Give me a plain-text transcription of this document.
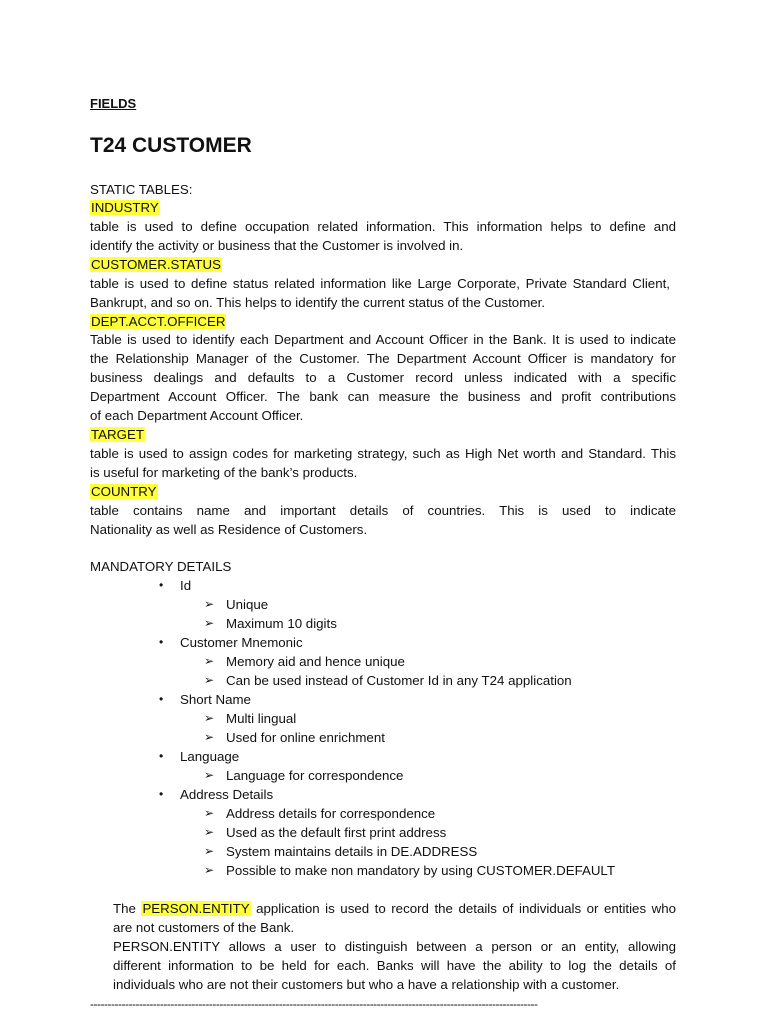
FIELDS
T24 CUSTOMER
STATIC TABLES:
INDUSTRY
table is used to define occupation related information. This information helps to define and
identify the activity or business that the Customer is involved in.
CUSTOMER.STATUS
table is used to define status related information like Large Corporate, Private Standard Client,
Bankrupt, and so on. This helps to identify the current status of the Customer.
DEPT.ACCT.OFFICER
Table is used to identify each Department and Account Officer in the Bank. It is used to indicate
the Relationship Manager of the Customer. The Department Account Officer is mandatory for
business dealings and defaults to a Customer record unless indicated with a specific
Department Account Officer. The bank can measure the business and profit contributions
of each Department Account Officer.
TARGET
table is used to assign codes for marketing strategy, such as High Net worth and Standard. This
is useful for marketing of the bank’s products.
COUNTRY
table contains name and important details of countries. This is used to indicate
Nationality as well as Residence of Customers.
MANDATORY DETAILS
• Id
➢ Unique
➢ Maximum 10 digits
• Customer Mnemonic
➢ Memory aid and hence unique
➢ Can be used instead of Customer Id in any T24 application
• Short Name
➢ Multi lingual
➢ Used for online enrichment
• Language
➢ Language for correspondence
• Address Details
➢ Address details for correspondence
➢ Used as the default first print address
➢ System maintains details in DE.ADDRESS
➢ Possible to make non mandatory by using CUSTOMER.DEFAULT
The PERSON.ENTITY application is used to record the details of individuals or entities who
are not customers of the Bank.
PERSON.ENTITY allows a user to distinguish between a person or an entity, allowing
different information to be held for each. Banks will have the ability to log the details of
individuals who are not their customers but who a have a relationship with a customer.
--------------------------------------------------------------------------------------------------------------------------------
